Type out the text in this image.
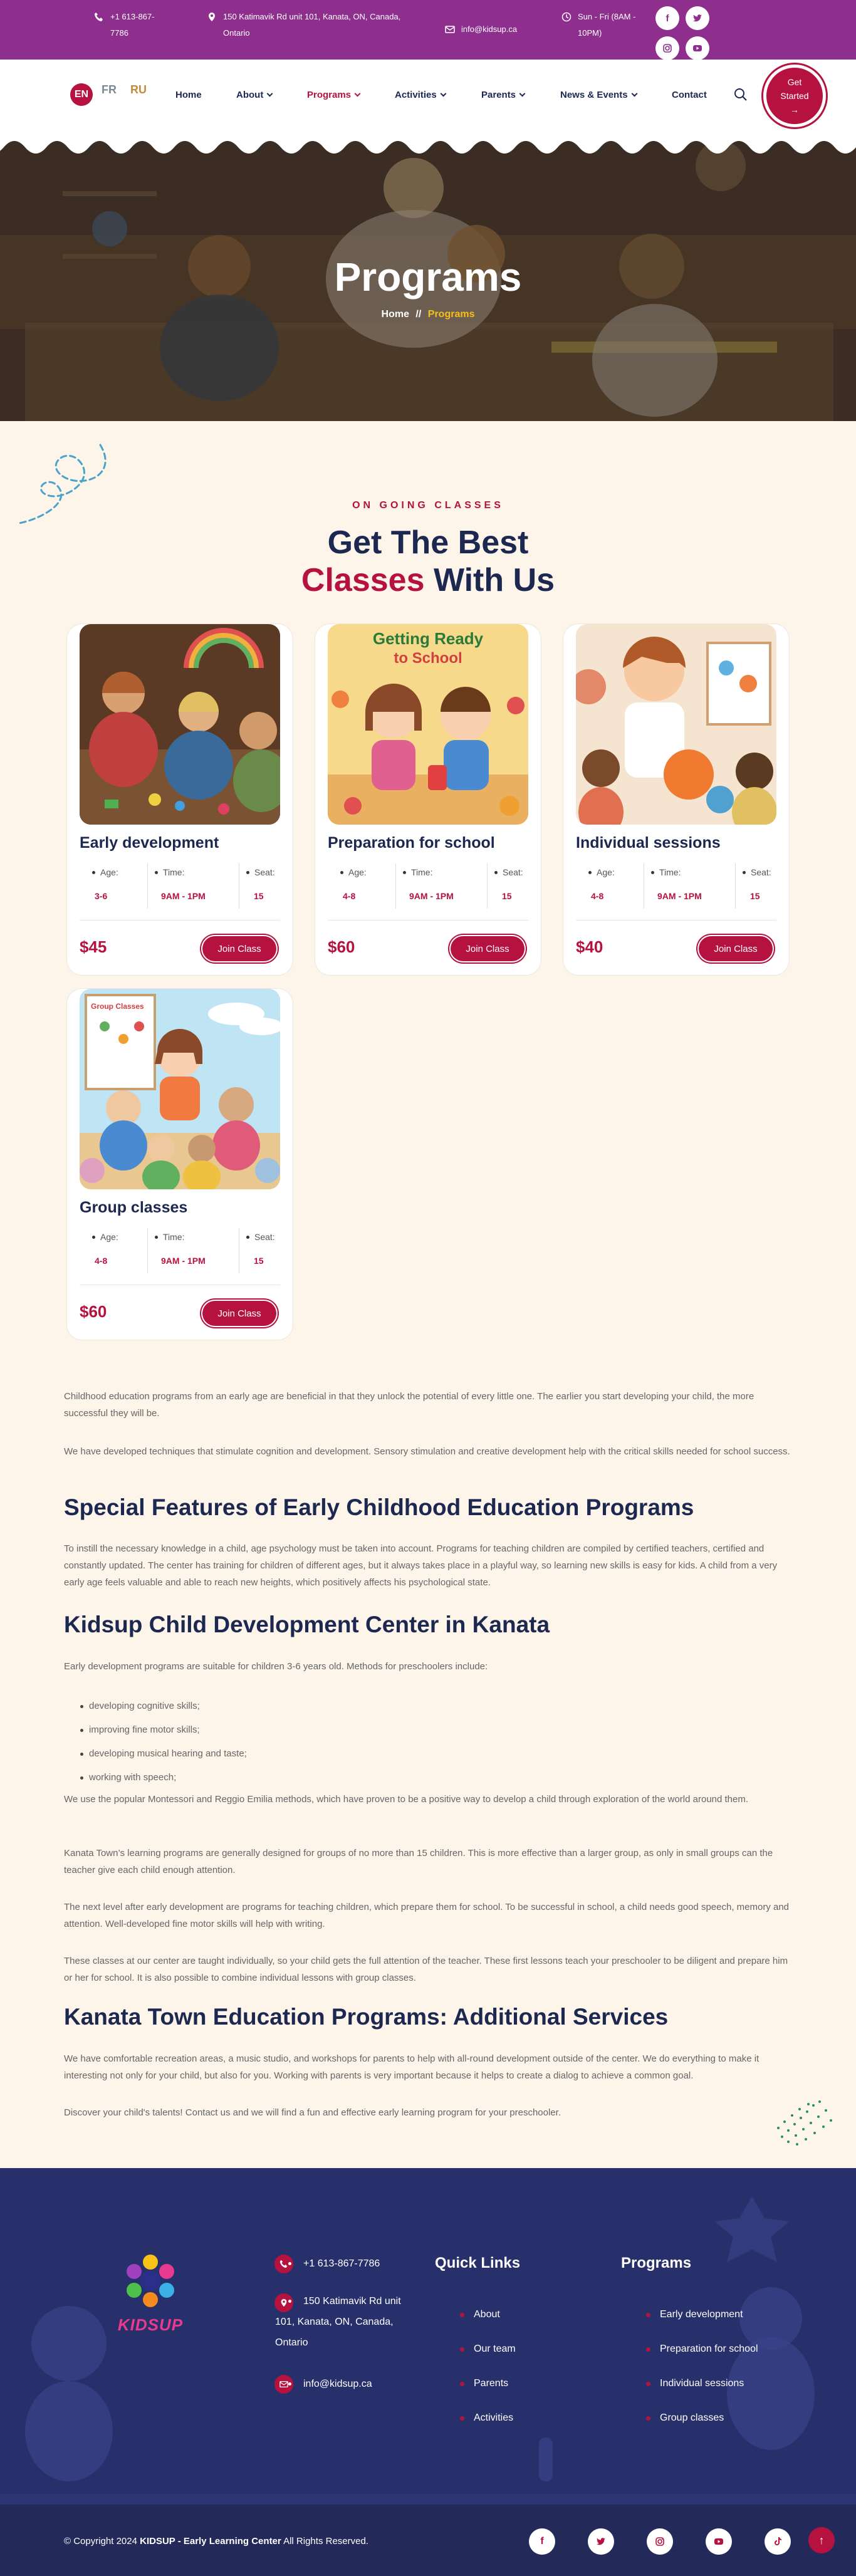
+1 613-867-7786
150 Katimavik Rd unit 101, Kanata, ON, Canada, Ontario	info@kidsup.ca
Sun - Fri (8AM - 10PM)
f
EN	FR RU	Home	About	Programs	Activities	Parents	News & Events	Contact
Get
Started
→
Programs
Home // Programs
ON GOING CLASSES
Get The Best
Classes With Us
Early development
Age:
3-6
Time:
9AM - 1PM
Seat:
15
$45	Join Class
Getting Ready
to School
Preparation for school
Age:
4-8
Time:
9AM - 1PM
Seat:
15
$60	Join Class
Individual sessions
Age:
4-8
Time:
9AM - 1PM
Seat:
15
$40	Join Class
Group Classes
Group classes
Age:
4-8
Time:
9AM - 1PM
Seat:
15
$60	Join Class

Childhood education programs from an early age are beneficial in that they unlock the potential of every little one. The earlier you start developing your child, the more successful they will be.

We have developed techniques that stimulate cognition and development. Sensory stimulation and creative development help with the critical skills needed for school success.

Special Features of Early Childhood Education Programs

To instill the necessary knowledge in a child, age psychology must be taken into account. Programs for teaching children are compiled by certified teachers, certified and constantly updated. The center has training for children of different ages, but it always takes place in a playful way, so learning new skills is easy for kids. A child from a very early age feels valuable and able to reach new heights, which positively affects his psychological state.

Kidsup Child Development Center in Kanata

Early development programs are suitable for children 3-6 years old. Methods for preschoolers include:

developing cognitive skills;
improving fine motor skills;
developing musical hearing and taste;
working with speech;

We use the popular Montessori and Reggio Emilia methods, which have proven to be a positive way to develop a child through exploration of the world around them.

Kanata Town’s learning programs are generally designed for groups of no more than 15 children. This is more effective than a larger group, as only in small groups can the teacher give each child enough attention.

The next level after early development are programs for teaching children, which prepare them for school. To be successful in school, a child needs good speech, memory and attention. Well-developed fine motor skills will help with writing.

These classes at our center are taught individually, so your child gets the full attention of the teacher. These first lessons teach your preschooler to be diligent and prepare him or her for school. It is also possible to combine individual lessons with group classes.

Kanata Town Education Programs: Additional Services

We have comfortable recreation areas, a music studio, and workshops for parents to help with all-round development outside of the center. We do everything to make it interesting not only for your child, but also for you. Working with parents is very important because it helps to create a dialog to achieve a common goal.

Discover your child's talents! Contact us and we will find a fun and effective early learning program for your preschooler.

KIDSUP
+1 613-867-7786
150 Katimavik Rd unit
101, Kanata, ON, Canada,
Ontario
info@kidsup.ca
Quick Links
About
Our team
Parents
Activities
Programs
Early development
Preparation for school
Individual sessions
Group classes
© Copyright 2024 KIDSUP - Early Learning Center All Rights Reserved.	f	↑
